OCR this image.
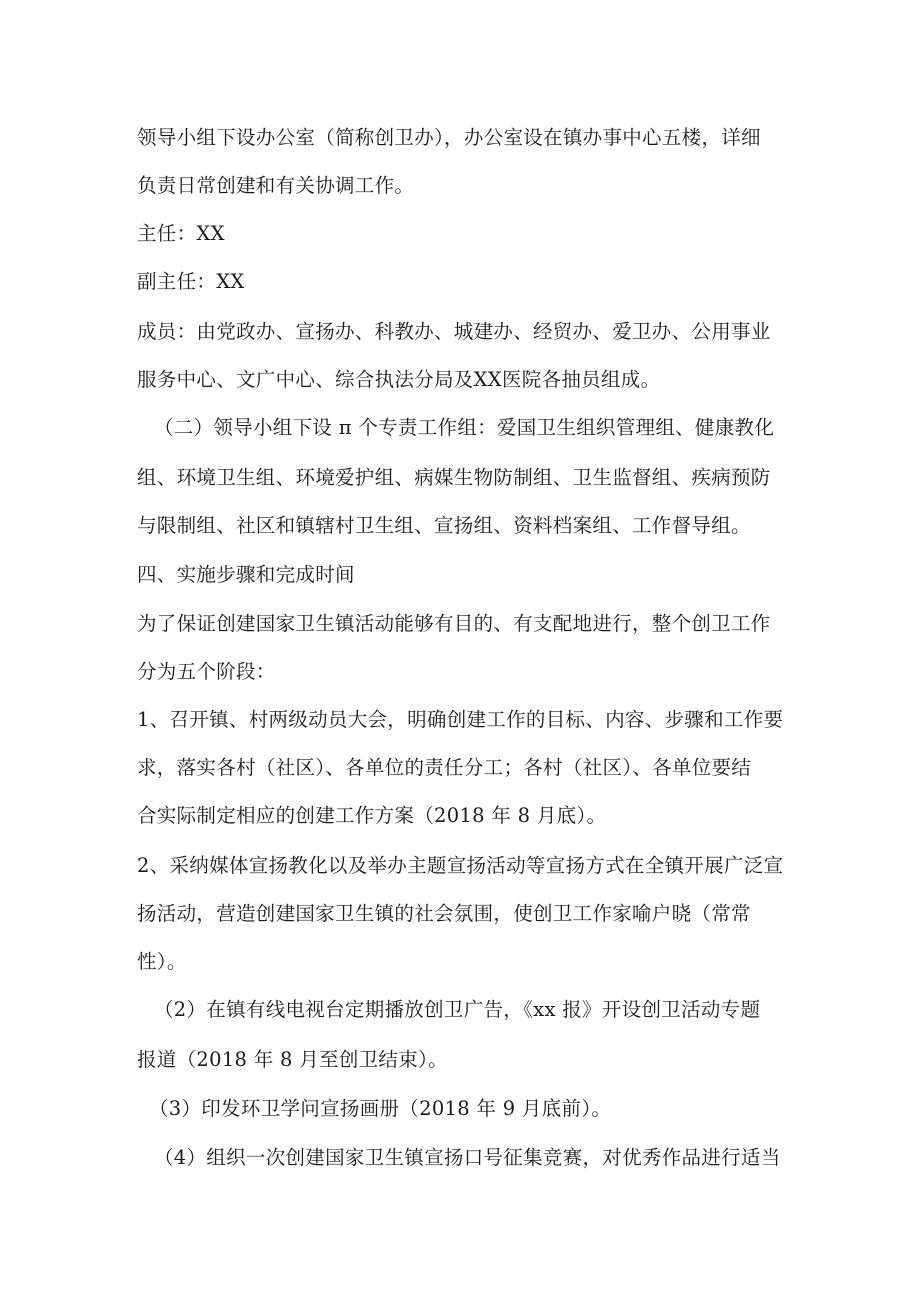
领导小组下设办公室（简称创卫办），办公室设在镇办事中心五楼，详细
负责日常创建和有关协调工作。
主任：XX
副主任：XX
成员：由党政办、宣扬办、科教办、城建办、经贸办、爱卫办、公用事业
服务中心、文广中心、综合执法分局及XX医院各抽员组成。
（二）领导小组下设 π 个专责工作组：爱国卫生组织管理组、健康教化
组、环境卫生组、环境爱护组、病媒生物防制组、卫生监督组、疾病预防
与限制组、社区和镇辖村卫生组、宣扬组、资料档案组、工作督导组。
四、实施步骤和完成时间
为了保证创建国家卫生镇活动能够有目的、有支配地进行，整个创卫工作
分为五个阶段：
1、召开镇、村两级动员大会，明确创建工作的目标、内容、步骤和工作要
求，落实各村（社区）、各单位的责任分工；各村（社区）、各单位要结
合实际制定相应的创建工作方案（2018 年 8 月底）。
2、采纳媒体宣扬教化以及举办主题宣扬活动等宣扬方式在全镇开展广泛宣
扬活动，营造创建国家卫生镇的社会氛围，使创卫工作家喻户晓（常常
性）。
（2）在镇有线电视台定期播放创卫广告，《xx 报》开设创卫活动专题
报道（2018 年 8 月至创卫结束）。
（3）印发环卫学问宣扬画册（2018 年 9 月底前）。
（4）组织一次创建国家卫生镇宣扬口号征集竞赛，对优秀作品进行适当
